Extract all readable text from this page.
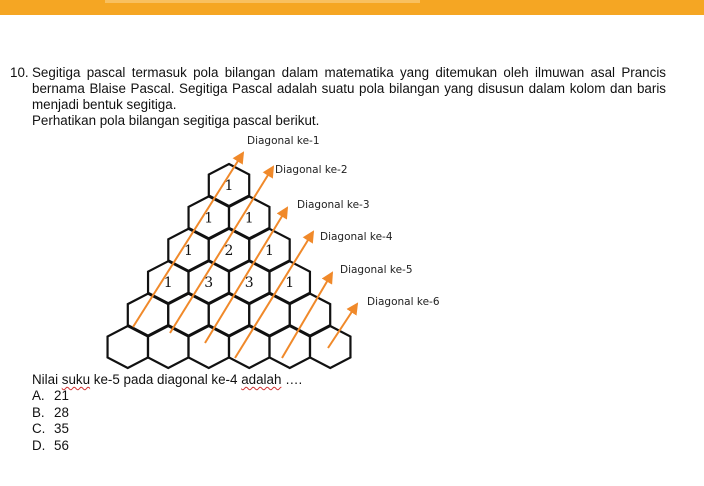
10. Segitiga pascal termasuk pola bilangan dalam matematika yang ditemukan oleh ilmuwan asal Prancis bernama Blaise Pascal. Segitiga Pascal adalah suatu pola bilangan yang disusun dalam kolom dan baris menjadi bentuk segitiga.

Perhatikan pola bilangan segitiga pascal berikut.

1
1 1
1 2 1
1 3 3 1
Diagonal ke-1
Diagonal ke-2
Diagonal ke-3
Diagonal ke-4
Diagonal ke-5
Diagonal ke-6
Nilai suku ke-5 pada diagonal ke-4 adalah ….
A. 21
B. 28
C. 35
D. 56
